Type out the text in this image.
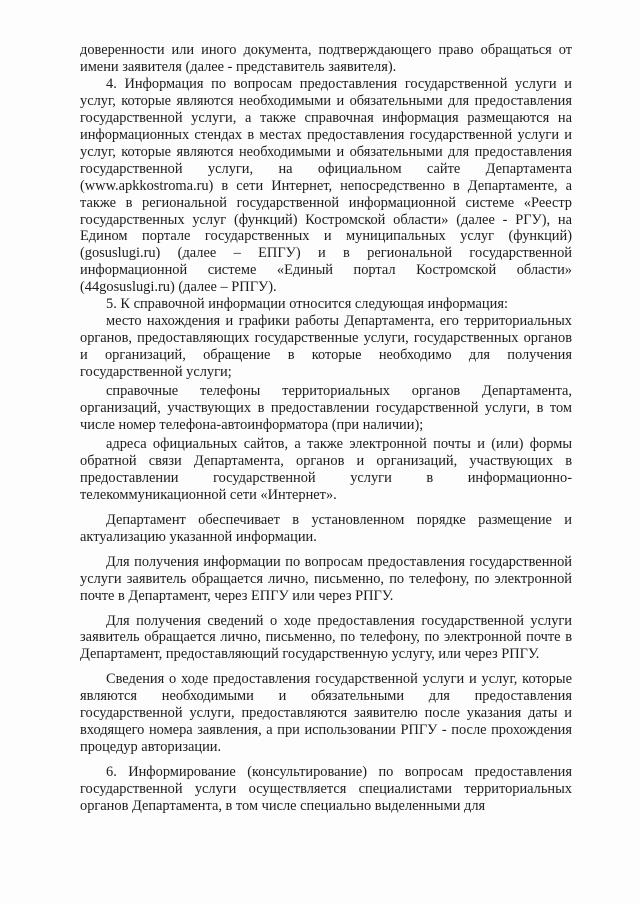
доверенности или иного документа, подтверждающего право обращаться от имени заявителя (далее - представитель заявителя).

4. Информация по вопросам предоставления государственной услуги и услуг, которые являются необходимыми и обязательными для предоставления государственной услуги, а также справочная информация размещаются на информационных стендах в местах предоставления государственной услуги и услуг, которые являются необходимыми и обязательными для предоставления государственной услуги, на официальном сайте Департамента (www.apkkostroma.ru) в сети Интернет, непосредственно в Департаменте, а также в региональной государственной информационной системе «Реестр государственных услуг (функций) Костромской области» (далее - РГУ), на Едином портале государственных и муниципальных услуг (функций) (gosuslugi.ru) (далее – ЕПГУ) и в региональной государственной информационной системе «Единый портал Костромской области» (44gosuslugi.ru) (далее – РПГУ).

5. К справочной информации относится следующая информация:

место нахождения и графики работы Департамента, его территориальных органов, предоставляющих государственные услуги, государственных органов и организаций, обращение в которые необходимо для получения государственной услуги;

справочные телефоны территориальных органов Департамента, организаций, участвующих в предоставлении государственной услуги, в том числе номер телефона-автоинформатора (при наличии);

адреса официальных сайтов, а также электронной почты и (или) формы обратной связи Департамента, органов и организаций, участвующих в предоставлении государственной услуги в информационно-телекоммуникационной сети «Интернет».

Департамент обеспечивает в установленном порядке размещение и актуализацию указанной информации.

Для получения информации по вопросам предоставления государственной услуги заявитель обращается лично, письменно, по телефону, по электронной почте в Департамент, через ЕПГУ или через РПГУ.

Для получения сведений о ходе предоставления государственной услуги заявитель обращается лично, письменно, по телефону, по электронной почте в Департамент, предоставляющий государственную услугу, или через РПГУ.

Сведения о ходе предоставления государственной услуги и услуг, которые являются необходимыми и обязательными для предоставления государственной услуги, предоставляются заявителю после указания даты и входящего номера заявления, а при использовании РПГУ - после прохождения процедур авторизации.

6. Информирование (консультирование) по вопросам предоставления государственной услуги осуществляется специалистами территориальных органов Департамента, в том числе специально выделенными для
